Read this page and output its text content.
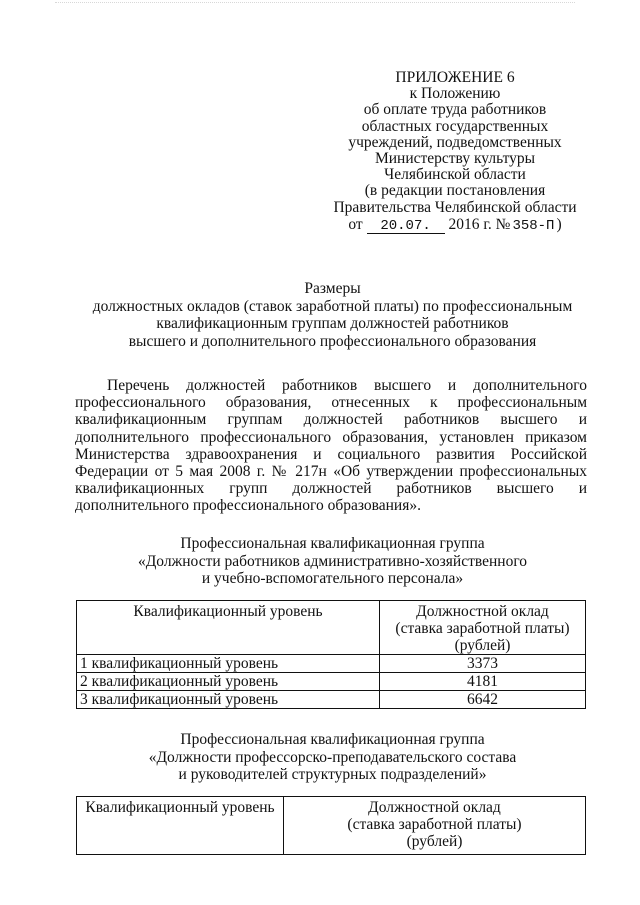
ПРИЛОЖЕНИЕ 6
к Положению
об оплате труда работников
областных государственных
учреждений, подведомственных
Министерству культуры
Челябинской области
(в редакции постановления
Правительства Челябинской области
от 20.07. 2016 г. № 358-П )
Размеры
должностных окладов (ставок заработной платы) по профессиональным
квалификационным группам должностей работников
высшего и дополнительного профессионального образования
Перечень должностей работников высшего и дополнительного профессионального образования, отнесенных к профессиональным квалификационным группам должностей работников высшего и дополнительного профессионального образования, установлен приказом Министерства здравоохранения и социального развития Российской Федерации от 5 мая 2008 г. № 217н «Об утверждении профессиональных квалификационных групп должностей работников высшего и дополнительного профессионального образования».
Профессиональная квалификационная группа
«Должности работников административно-хозяйственного
и учебно-вспомогательного персонала»
Квалификационный уровень	Должностной оклад
(ставка заработной платы)
(рублей)

1 квалификационный уровень	3373
2 квалификационный уровень	4181
3 квалификационный уровень	6642
Профессиональная квалификационная группа
«Должности профессорско-преподавательского состава
и руководителей структурных подразделений»
Квалификационный уровень	Должностной оклад
(ставка заработной платы)
(рублей)
